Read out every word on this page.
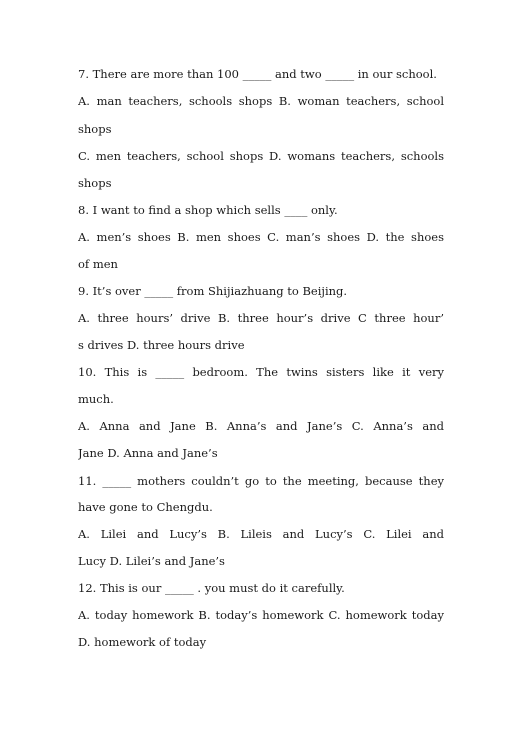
7. There are more than 100 _____ and two _____ in our school.
A. man teachers, schools shops B. woman teachers, school
shops
C. men teachers, school shops D. womans teachers, schools
shops
8. I want to find a shop which sells ____ only.
A. men’s shoes B. men shoes C. man’s shoes D. the shoes
of men
9. It’s over _____ from Shijiazhuang to Beijing.
A. three hours’ drive B. three hour’s drive C three hour’
s drives D. three hours drive
10. This is _____ bedroom. The twins sisters like it very
much.
A. Anna and Jane B. Anna’s and Jane’s C. Anna’s and
Jane D. Anna and Jane’s
11. _____ mothers couldn’t go to the meeting, because they
have gone to Chengdu.
A. Lilei and Lucy’s B. Lileis and Lucy’s C. Lilei and
Lucy D. Lilei’s and Jane’s
12. This is our _____ . you must do it carefully.
A. today homework B. today’s homework C. homework today
D. homework of today
